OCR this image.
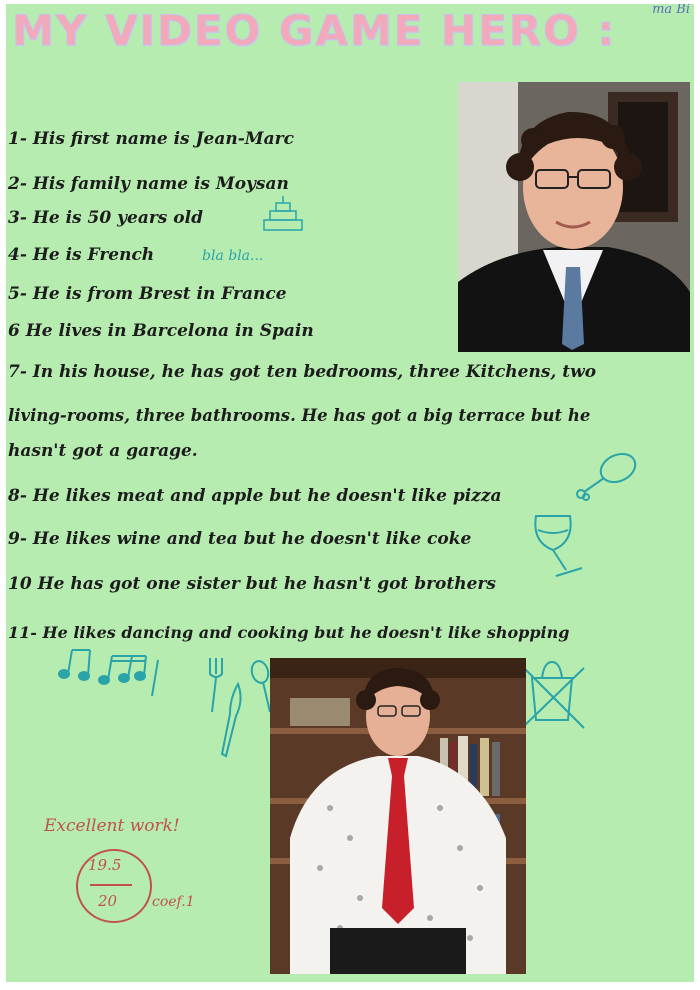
MY VIDEO GAME HERO :	ma Bi
1- His first name is Jean-Marc
2- His family name is Moysan
3- He is 50 years old
4- He is French	bla bla...
5- He is from Brest in France
6 He lives in Barcelona in Spain
7- In his house, he has got ten bedrooms, three Kitchens, two
living-rooms, three bathrooms. He has got a big terrace but he
hasn't got a garage.
8- He likes meat and apple but he doesn't like pizza
9- He likes wine and tea but he doesn't like coke
10 He has got one sister but he hasn't got brothers
11- He likes dancing and cooking but he doesn't like shopping
Excellent work!
19.5
20 coef.1
